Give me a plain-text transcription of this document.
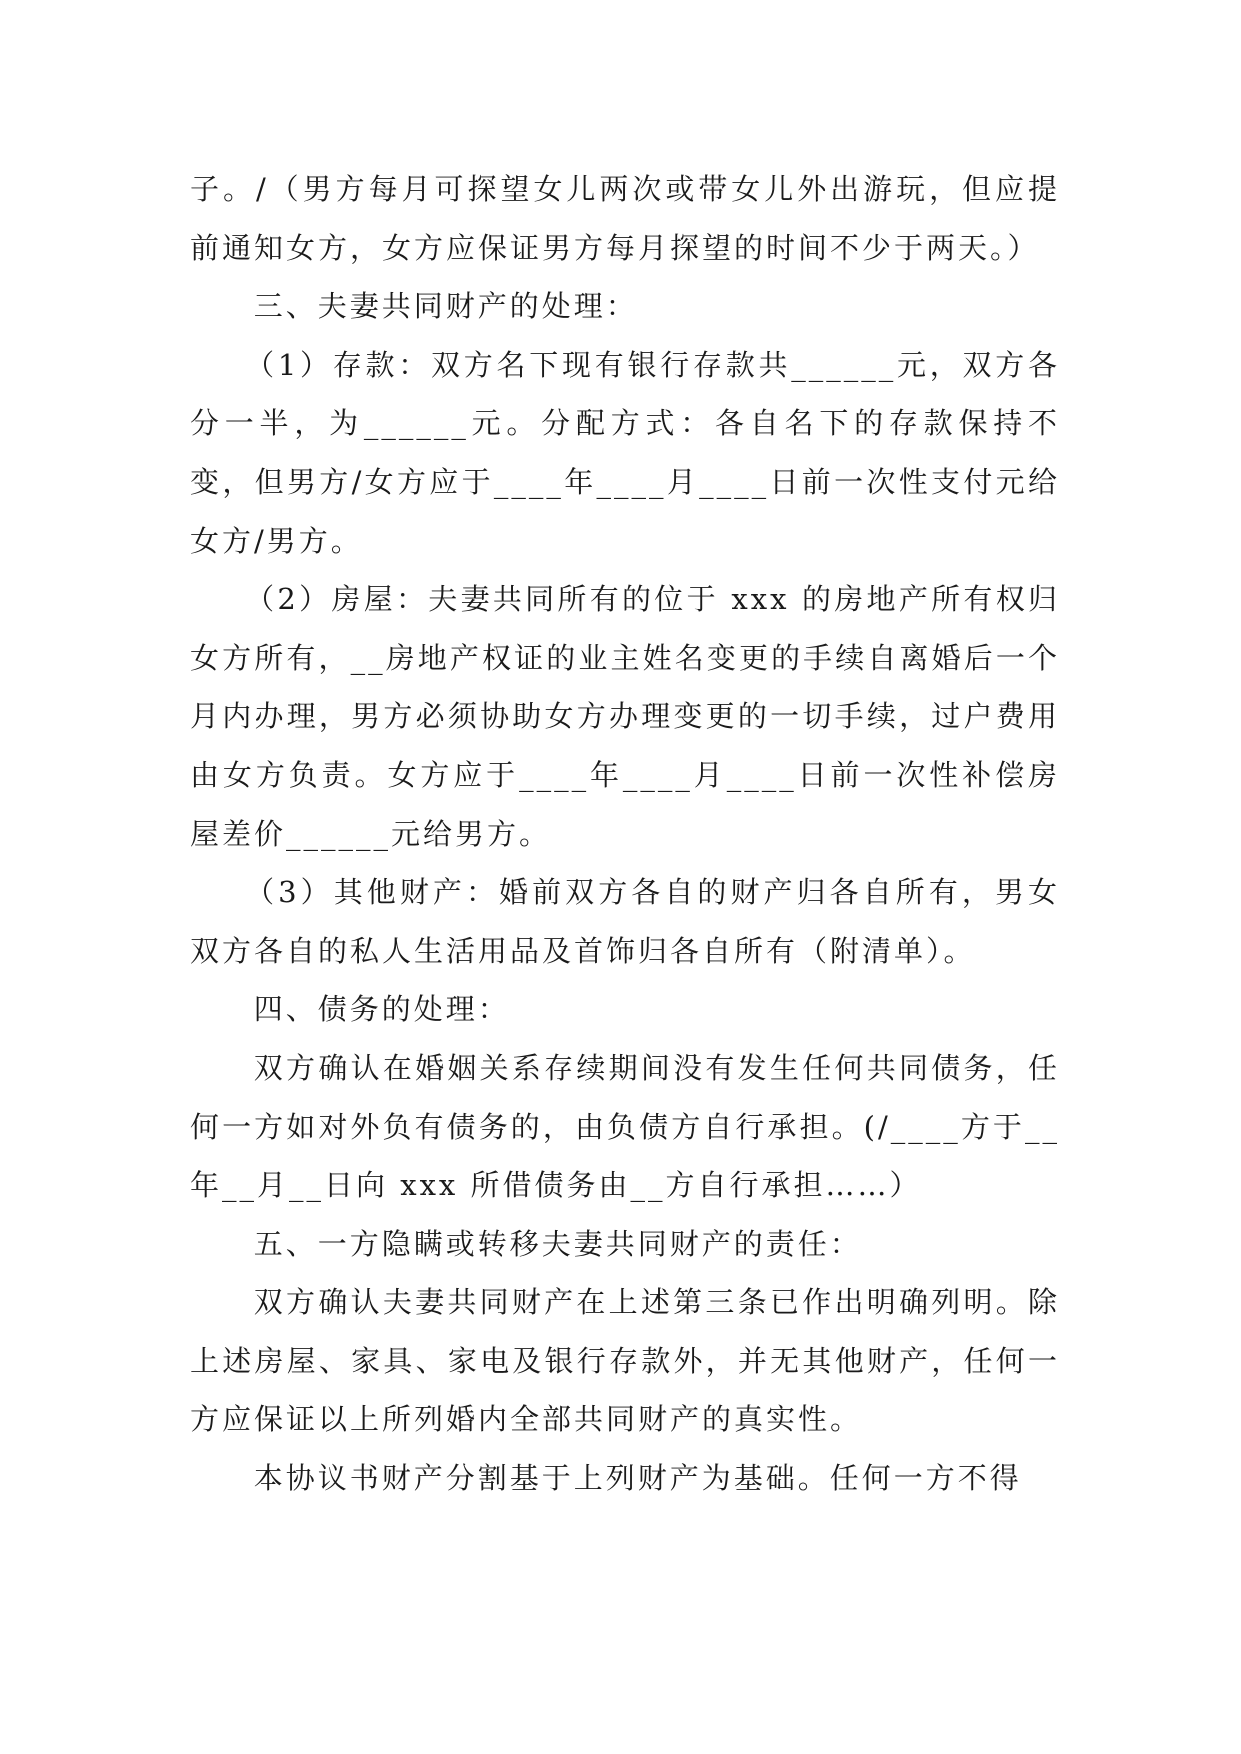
子。/（男方每月可探望女儿两次或带女儿外出游玩，但应提前通知女方，女方应保证男方每月探望的时间不少于两天。）

三、夫妻共同财产的处理：

（1）存款：双方名下现有银行存款共______元，双方各分一半，为______元。分配方式：各自名下的存款保持不变，但男方/女方应于____年____月____日前一次性支付元给女方/男方。

（2）房屋：夫妻共同所有的位于 xxx 的房地产所有权归女方所有，__房地产权证的业主姓名变更的手续自离婚后一个月内办理，男方必须协助女方办理变更的一切手续，过户费用由女方负责。女方应于____年____月____日前一次性补偿房屋差价______元给男方。

（3）其他财产：婚前双方各自的财产归各自所有，男女双方各自的私人生活用品及首饰归各自所有（附清单）。

四、债务的处理：

双方确认在婚姻关系存续期间没有发生任何共同债务，任何一方如对外负有债务的，由负债方自行承担。(/____方于__年__月__日向 xxx 所借债务由__方自行承担……）

五、一方隐瞒或转移夫妻共同财产的责任：

双方确认夫妻共同财产在上述第三条已作出明确列明。除上述房屋、家具、家电及银行存款外，并无其他财产，任何一方应保证以上所列婚内全部共同财产的真实性。

本协议书财产分割基于上列财产为基础。任何一方不得
